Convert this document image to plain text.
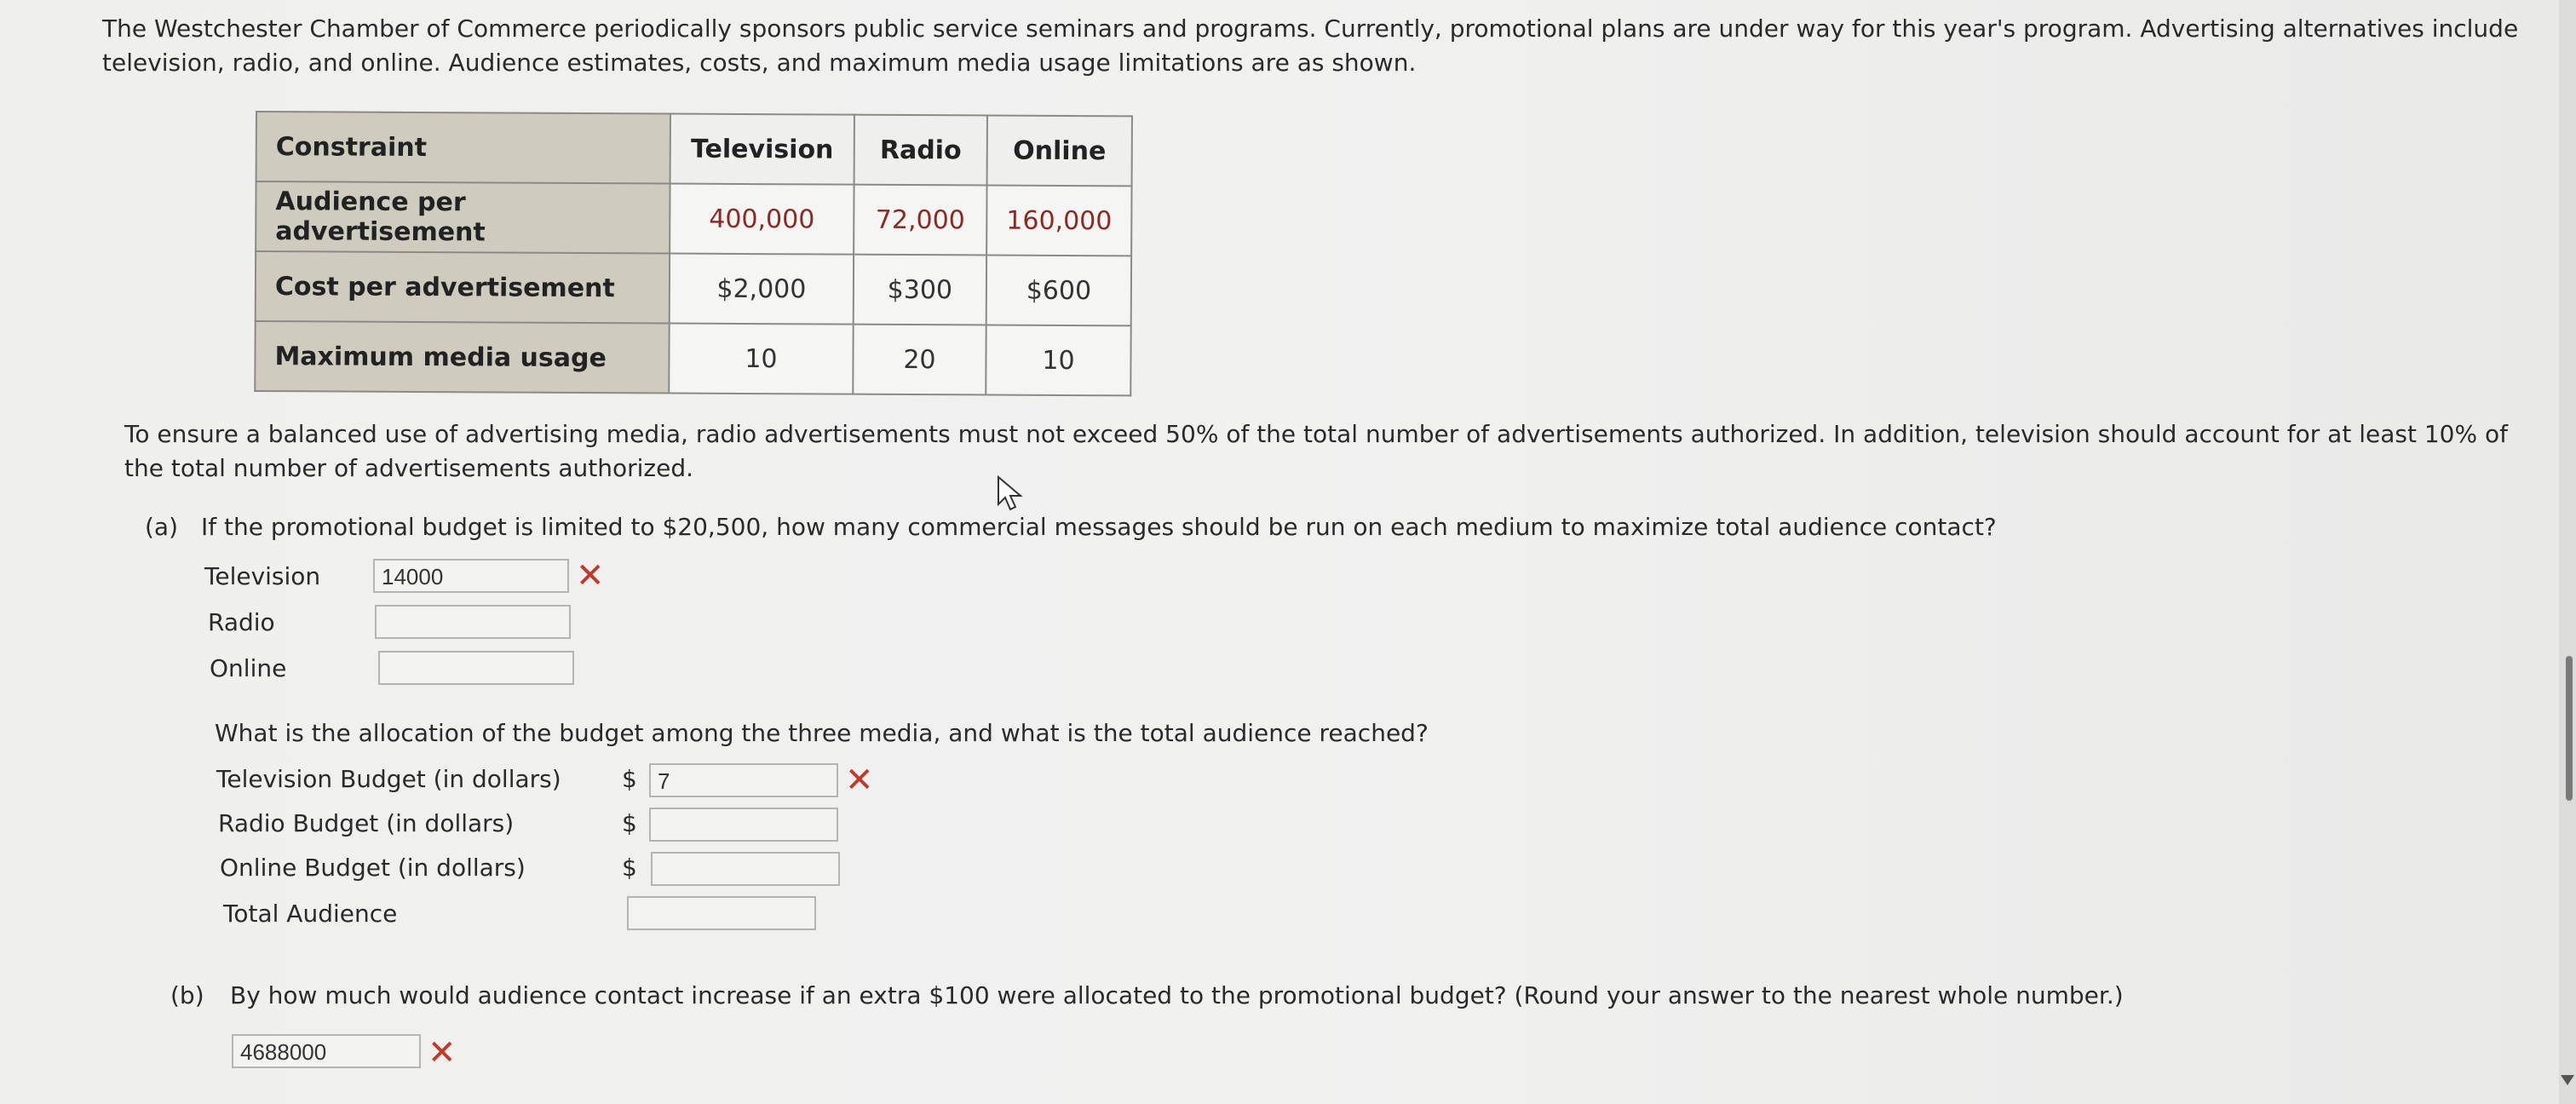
The Westchester Chamber of Commerce periodically sponsors public service seminars and programs. Currently, promotional plans are under way for this year's program. Advertising alternatives include television, radio, and online. Audience estimates, costs, and maximum media usage limitations are as shown.
Constraint	Television	Radio	Online
Audience per advertisement	400,000	72,000	160,000
Cost per advertisement	$2,000	$300	$600
Maximum media usage	10	20	10
To ensure a balanced use of advertising media, radio advertisements must not exceed 50% of the total number of advertisements authorized. In addition, television should account for at least 10% of the total number of advertisements authorized.
(a) If the promotional budget is limited to $20,500, how many commercial messages should be run on each medium to maximize total audience contact?
Television	14000	✕
Radio
Online
What is the allocation of the budget among the three media, and what is the total audience reached?
Television Budget (in dollars)	$ 7	✕
Radio Budget (in dollars)	$
Online Budget (in dollars)	$
Total Audience
(b) By how much would audience contact increase if an extra $100 were allocated to the promotional budget? (Round your answer to the nearest whole number.)
4688000	✕
